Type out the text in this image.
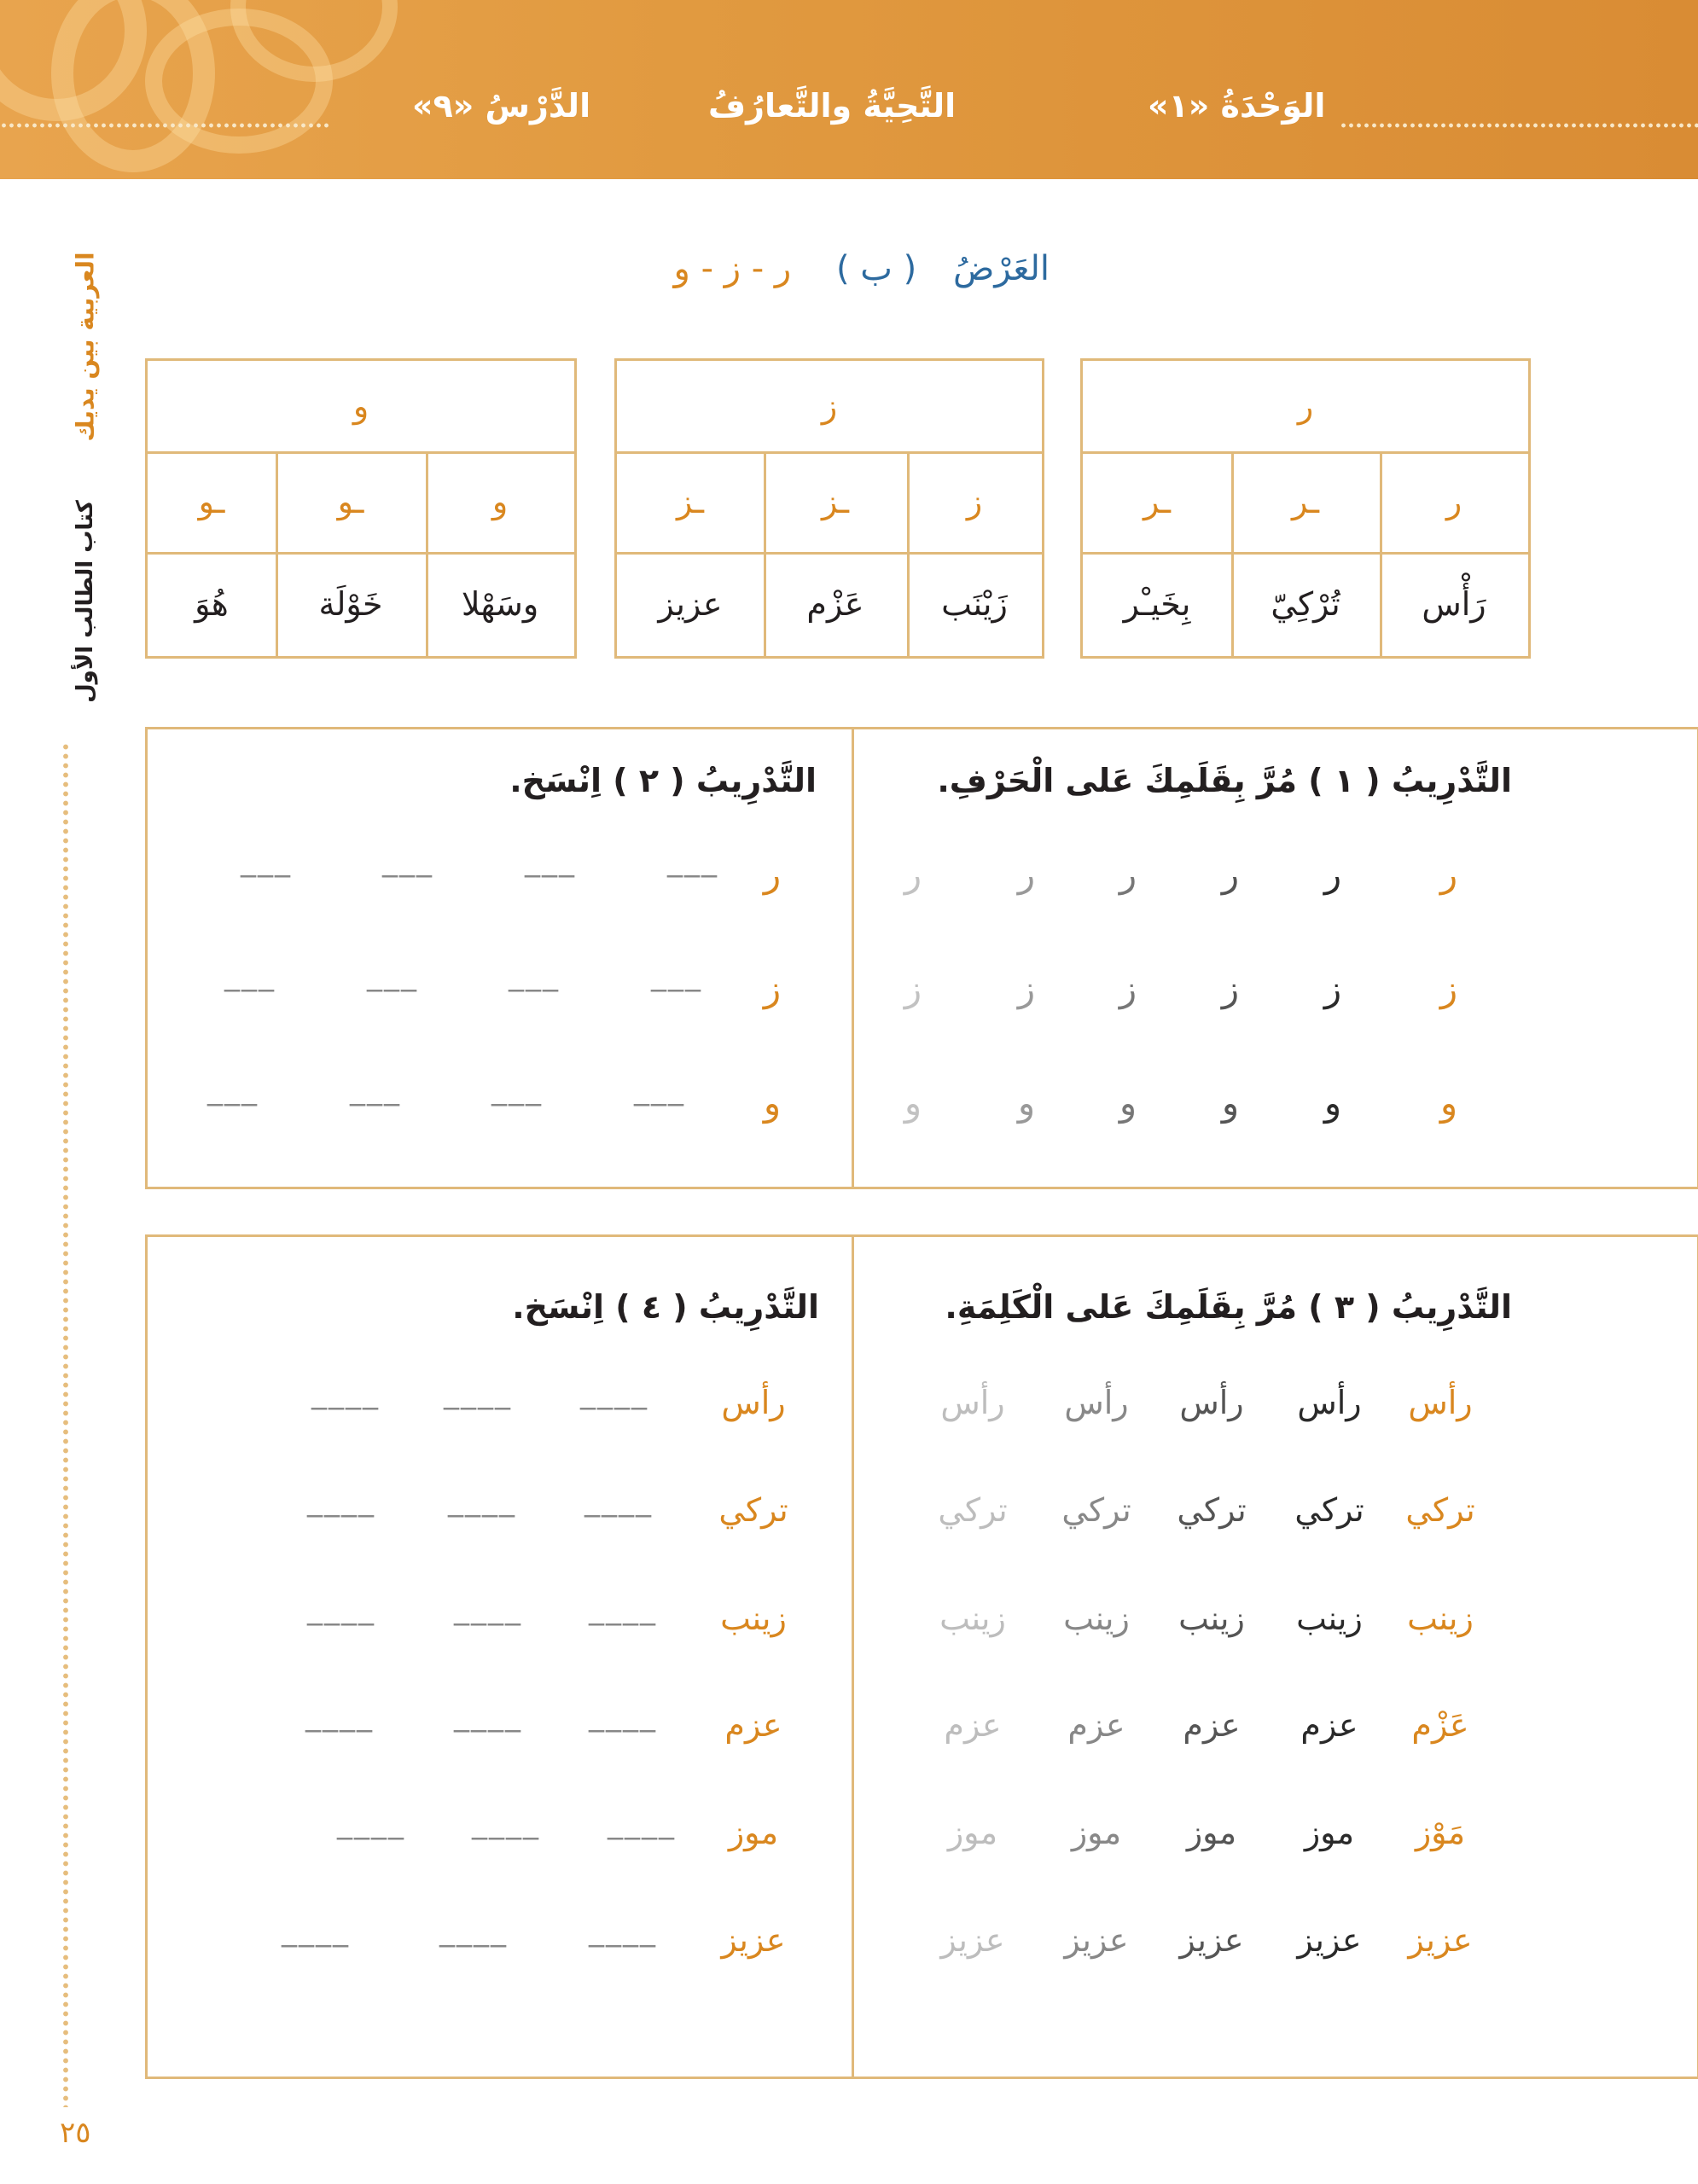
الدَّرْسُ «٩»	التَّحِيَّةُ والتَّعارُفُ	الوَحْدَةُ «١»
العربية بين يديك
كتاب الطالب الأول
العَرْضُ ( ب ) ر - ز - و
ر
ر
ـر
ـر
رَأْس
تُرْكِيّ
بِخَيـْر
ز
ز
ـز
ـز
زَيْنَب
عَزْم
عزيز
و
و
ـو
ـو
وسَهْلا
خَوْلَة
هُوَ
التَّدْرِيبُ ( ١ ) مُرَّ بِقَلَمِكَ عَلى الْحَرْفِ.
التَّدْرِيبُ ( ٢ ) اِنْسَخ.
ر
ر
ر
ر
ر
ر
ز
ز
ز
ز
ز
ز
و
و
و
و
و
و
ر
___
___
___
___
ز
___
___
___
___
و
___
___
___
___
التَّدْرِيبُ ( ٣ ) مُرَّ بِقَلَمِكَ عَلى الْكَلِمَةِ.
التَّدْرِيبُ ( ٤ ) اِنْسَخ.
رأس
رأس
رأس
رأس
رأس
تركي
تركي
تركي
تركي
تركي
زينب
زينب
زينب
زينب
زينب
عَزْم
عزم
عزم
عزم
عزم
مَوْز
موز
موز
موز
موز
عزيز
عزيز
عزيز
عزيز
عزيز
رأس
____
____
____
تركي
____
____
____
زينب
____
____
____
عزم
____
____
____
موز
____
____
____
عزيز
____
____
____
٢٥
